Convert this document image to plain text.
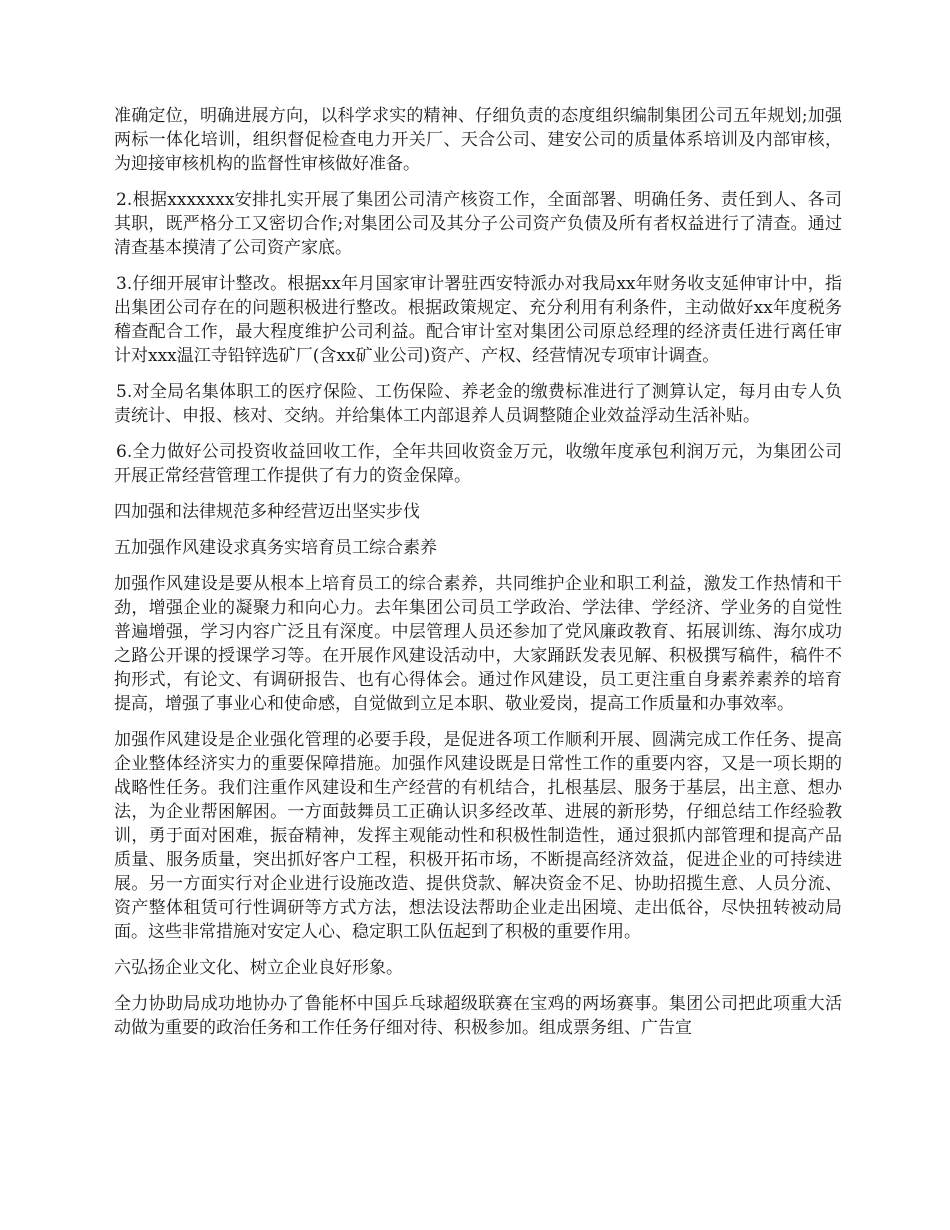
准确定位，明确进展方向，以科学求实的精神、仔细负责的态度组织编制集团公司五年规划;加强两标一体化培训，组织督促检查电力开关厂、天合公司、建安公司的质量体系培训及内部审核，为迎接审核机构的监督性审核做好准备。

2.根据xxxxxxx安排扎实开展了集团公司清产核资工作，全面部署、明确任务、责任到人、各司其职，既严格分工又密切合作;对集团公司及其分子公司资产负债及所有者权益进行了清查。通过清查基本摸清了公司资产家底。

3.仔细开展审计整改。根据xx年月国家审计署驻西安特派办对我局xx年财务收支延伸审计中，指出集团公司存在的问题积极进行整改。根据政策规定、充分利用有利条件，主动做好xx年度税务稽查配合工作，最大程度维护公司利益。配合审计室对集团公司原总经理的经济责任进行离任审计对xxx温江寺铅锌选矿厂(含xx矿业公司)资产、产权、经营情况专项审计调查。

5.对全局名集体职工的医疗保险、工伤保险、养老金的缴费标准进行了测算认定，每月由专人负责统计、申报、核对、交纳。并给集体工内部退养人员调整随企业效益浮动生活补贴。

6.全力做好公司投资收益回收工作，全年共回收资金万元，收缴年度承包利润万元，为集团公司开展正常经营管理工作提供了有力的资金保障。

四加强和法律规范多种经营迈出坚实步伐

五加强作风建设求真务实培育员工综合素养

加强作风建设是要从根本上培育员工的综合素养，共同维护企业和职工利益，激发工作热情和干劲，增强企业的凝聚力和向心力。去年集团公司员工学政治、学法律、学经济、学业务的自觉性普遍增强，学习内容广泛且有深度。中层管理人员还参加了党风廉政教育、拓展训练、海尔成功之路公开课的授课学习等。在开展作风建设活动中，大家踊跃发表见解、积极撰写稿件，稿件不拘形式，有论文、有调研报告、也有心得体会。通过作风建设，员工更注重自身素养素养的培育提高，增强了事业心和使命感，自觉做到立足本职、敬业爱岗，提高工作质量和办事效率。

加强作风建设是企业强化管理的必要手段，是促进各项工作顺利开展、圆满完成工作任务、提高企业整体经济实力的重要保障措施。加强作风建设既是日常性工作的重要内容，又是一项长期的战略性任务。我们注重作风建设和生产经营的有机结合，扎根基层、服务于基层，出主意、想办法，为企业帮困解困。一方面鼓舞员工正确认识多经改革、进展的新形势，仔细总结工作经验教训，勇于面对困难，振奋精神，发挥主观能动性和积极性制造性，通过狠抓内部管理和提高产品质量、服务质量，突出抓好客户工程，积极开拓市场，不断提高经济效益，促进企业的可持续进展。另一方面实行对企业进行设施改造、提供贷款、解决资金不足、协助招揽生意、人员分流、资产整体租赁可行性调研等方式方法，想法设法帮助企业走出困境、走出低谷，尽快扭转被动局面。这些非常措施对安定人心、稳定职工队伍起到了积极的重要作用。

六弘扬企业文化、树立企业良好形象。

全力协助局成功地协办了鲁能杯中国乒乓球超级联赛在宝鸡的两场赛事。集团公司把此项重大活动做为重要的政治任务和工作任务仔细对待、积极参加。组成票务组、广告宣
